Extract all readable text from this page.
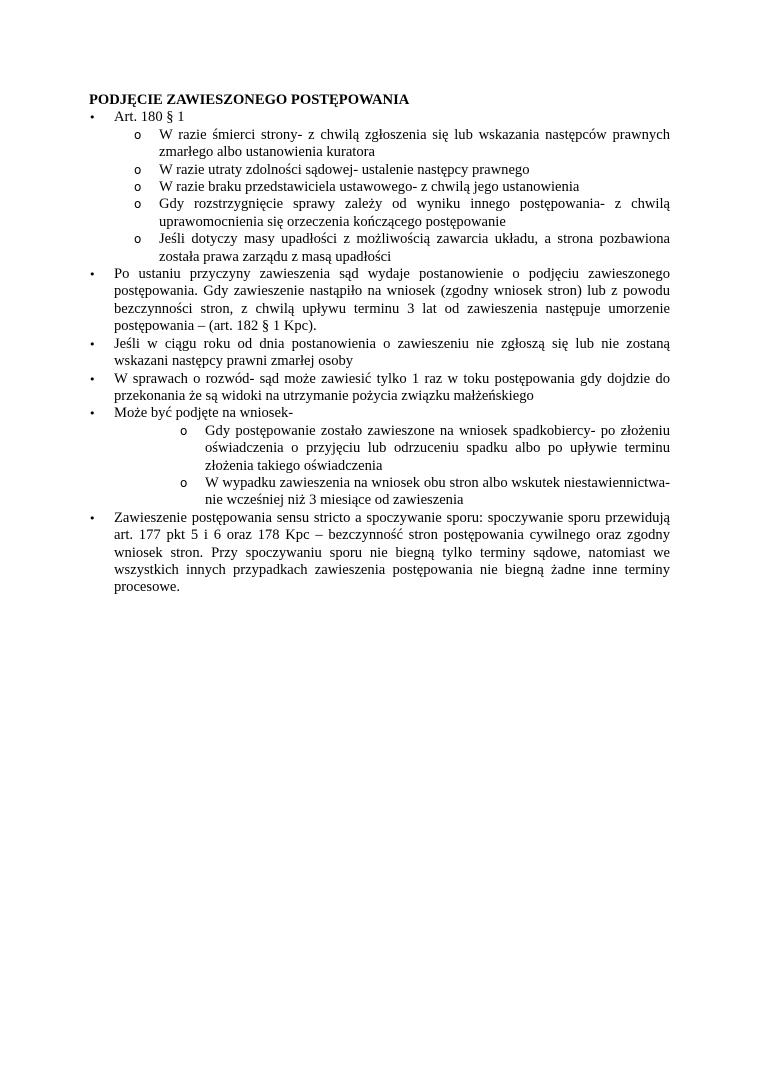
PODJĘCIE ZAWIESZONEGO POSTĘPOWANIA
•	Art. 180 § 1
o	W razie śmierci strony- z chwilą zgłoszenia się lub wskazania następców prawnych zmarłego albo ustanowienia kuratora
o	W razie utraty zdolności sądowej- ustalenie następcy prawnego
o	W razie braku przedstawiciela ustawowego- z chwilą jego ustanowienia
o	Gdy rozstrzygnięcie sprawy zależy od wyniku innego postępowania- z chwilą uprawomocnienia się orzeczenia kończącego postępowanie
o	Jeśli dotyczy masy upadłości z możliwością zawarcia układu, a strona pozbawiona została prawa zarządu z masą upadłości
•	Po ustaniu przyczyny zawieszenia sąd wydaje postanowienie o podjęciu zawieszonego postępowania. Gdy zawieszenie nastąpiło na wniosek (zgodny wniosek stron) lub z powodu bezczynności stron, z chwilą upływu terminu 3 lat od zawieszenia następuje umorzenie postępowania – (art. 182 § 1 Kpc).
•	Jeśli w ciągu roku od dnia postanowienia o zawieszeniu nie zgłoszą się lub nie zostaną wskazani następcy prawni zmarłej osoby
•	W sprawach o rozwód- sąd może zawiesić tylko 1 raz w toku postępowania gdy dojdzie do przekonania że są widoki na utrzymanie pożycia związku małżeńskiego
•	Może być podjęte na wniosek-
o	Gdy postępowanie zostało zawieszone na wniosek spadkobiercy- po złożeniu oświadczenia o przyjęciu lub odrzuceniu spadku albo po upływie terminu złożenia takiego oświadczenia
o	W wypadku zawieszenia na wniosek obu stron albo wskutek niestawiennictwa- nie wcześniej niż 3 miesiące od zawieszenia
•	Zawieszenie postępowania sensu stricto a spoczywanie sporu: spoczywanie sporu przewidują art. 177 pkt 5 i 6 oraz 178 Kpc – bezczynność stron postępowania cywilnego oraz zgodny wniosek stron. Przy spoczywaniu sporu nie biegną tylko terminy sądowe, natomiast we wszystkich innych przypadkach zawieszenia postępowania nie biegną żadne inne terminy procesowe.
